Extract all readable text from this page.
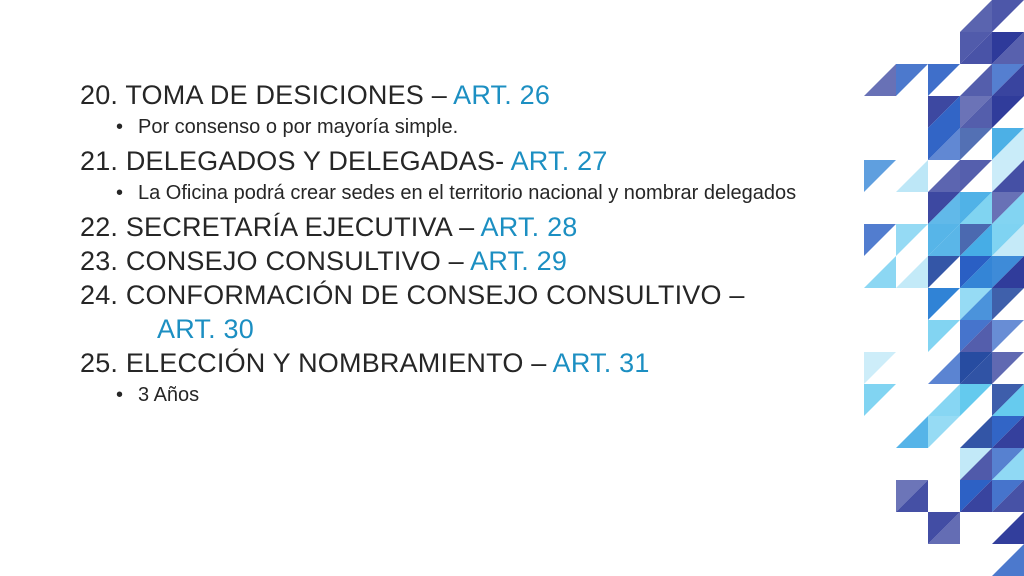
20. TOMA DE DESICIONES – ART. 26

• Por consenso o por mayoría simple.

21. DELEGADOS Y DELEGADAS- ART. 27

• La Oficina podrá crear sedes en el territorio nacional y nombrar delegados

22. SECRETARÍA EJECUTIVA – ART. 28

23. CONSEJO CONSULTIVO – ART. 29

24. CONFORMACIÓN DE CONSEJO CONSULTIVO –
ART. 30

25. ELECCIÓN Y NOMBRAMIENTO – ART. 31

• 3 Años
